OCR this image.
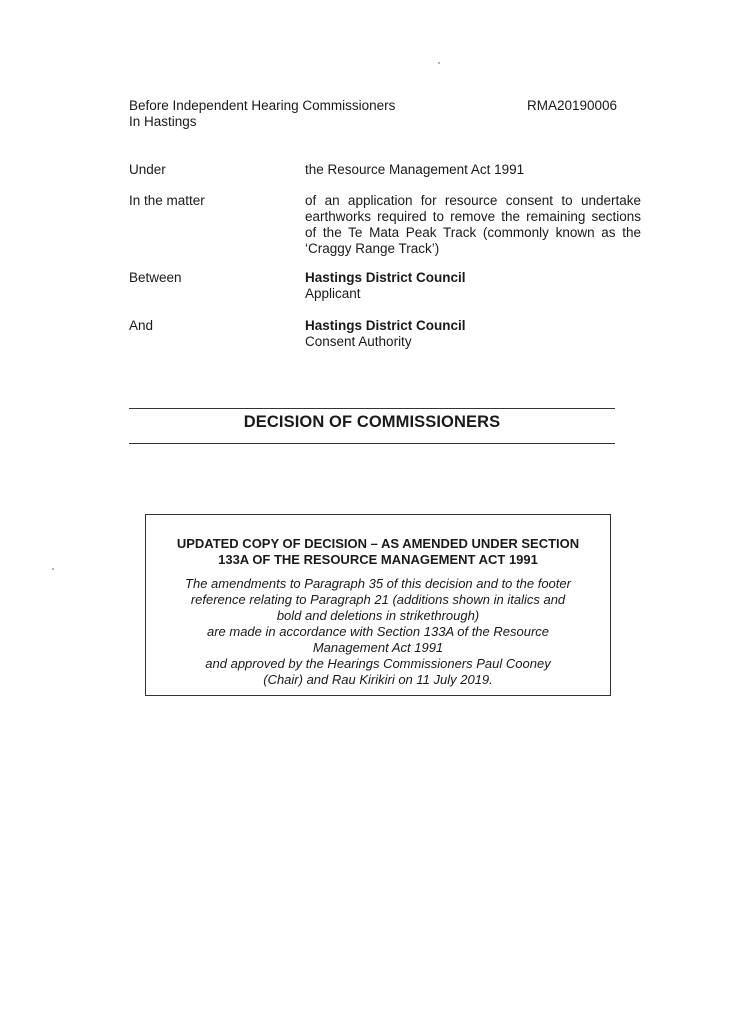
Before Independent Hearing Commissioners
In Hastings
RMA20190006
Under	the Resource Management Act 1991
In the matter	of an application for resource consent to undertake
earthworks required to remove the remaining sections
of the Te Mata Peak Track (commonly known as the
‘Craggy Range Track’)
Between	Hastings District Council
Applicant
And	Hastings District Council
Consent Authority
DECISION OF COMMISSIONERS
UPDATED COPY OF DECISION – AS AMENDED UNDER SECTION
133A OF THE RESOURCE MANAGEMENT ACT 1991
The amendments to Paragraph 35 of this decision and to the footer
reference relating to Paragraph 21 (additions shown in italics and
bold and deletions in strikethrough)
are made in accordance with Section 133A of the Resource
Management Act 1991
and approved by the Hearings Commissioners Paul Cooney
(Chair) and Rau Kirikiri on 11 July 2019.
